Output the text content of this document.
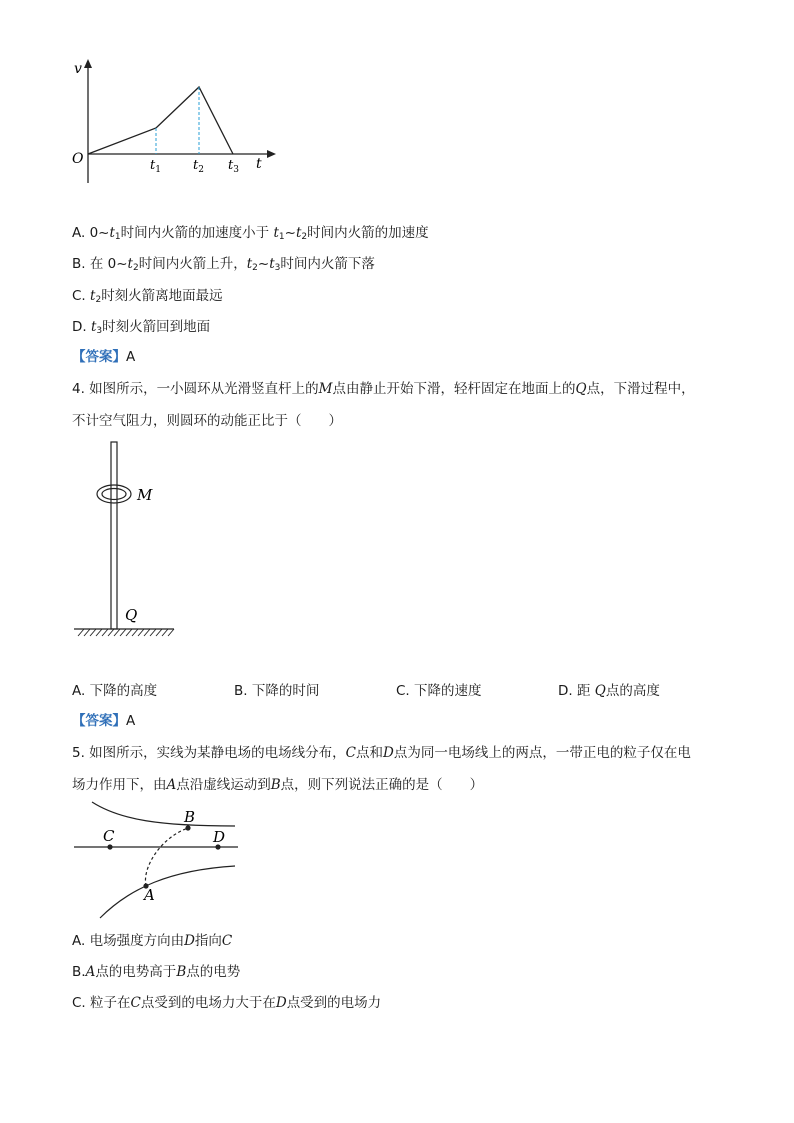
v
t
O	$t_1$ $t_2$ $t_3$
A. $0\sim t_1$时间内火箭的加速度小于 $t_1\sim t_2$时间内火箭的加速度
B. 在 $0\sim t_2$时间内火箭上升，$t_2\sim t_3$时间内火箭下落
C. $t_2$时刻火箭离地面最远
D. $t_3$时刻火箭回到地面
【答案】A
4. 如图所示，一小圆环从光滑竖直杆上的M点由静止开始下滑，轻杆固定在地面上的Q点，下滑过程中，
不计空气阻力，则圆环的动能正比于（　　）
M
Q
A. 下降的高度	B. 下降的时间	C. 下降的速度	D. 距 Q点的高度
【答案】A
5. 如图所示，实线为某静电场的电场线分布，C点和D点为同一电场线上的两点，一带正电的粒子仅在电
场力作用下，由A点沿虚线运动到B点，则下列说法正确的是（　　）
B
C	D
A
A. 电场强度方向由D指向C
B.A点的电势高于B点的电势
C. 粒子在C点受到的电场力大于在D点受到的电场力
